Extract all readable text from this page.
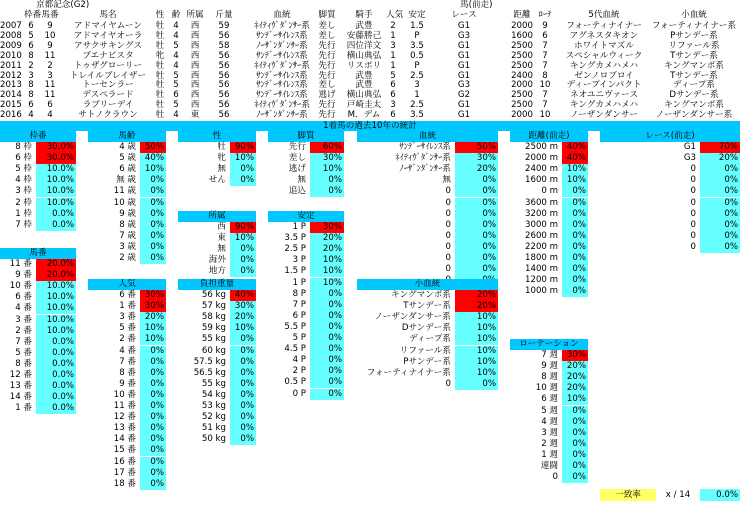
京都記念(G2)	馬(前走)
枠番 馬番	馬名	性 齢 所属 斤量	血統	脚質	騎手	人気 安定	レース	距離 ﾛｰﾃ	5代血統	小血統
2007 6	9	アドマイヤムーン	牡	4	西	59	ﾈｲﾃｨｳﾞﾀﾞﾝｻｰ系 差し	武豊	2	1.5	G1	2000	9	フォーティナイナー	フォーティナイナー系
2008 5	10	アドマイヤオーラ	牡	4	西	56	ｻﾝﾃﾞｰｻｲﾚﾝｽ系	差し	安藤勝己	1	P	G3	1600	6	アグネスタキオン	Pサンデー系
2009 6	9	アサクサキングス	牡	5	西	58	ﾉｰｻﾞﾝﾀﾞﾝｻｰ系	先行	四位洋文	3	3.5	G1	2500	7	ホワイトマズル	リファール系
2010 8	11	ブエナビスタ	牝	4	西	56	ｻﾝﾃﾞｰｻｲﾚﾝｽ系	先行	横山典弘	1	0.5	G1	2500	7	スペシャルウィーク	Tサンデー系
2011 2	2	トゥザグローリー	牡	4	西	56	ﾈｲﾃｨｳﾞﾀﾞﾝｻｰ系 先行	リスポリ	1	P	G1	2500	7	キングカメハメハ	キングマンボ系
2012 3	3	トレイルブレイザー	牡	5	西	56	ｻﾝﾃﾞｰｻｲﾚﾝｽ系	先行	武豊	5	2.5	G1	2400	8	ゼンノロブロイ	Tサンデー系
2013 8	11	トーセンラー	牡	5	西	56	ｻﾝﾃﾞｰｻｲﾚﾝｽ系	差し	武豊	6	3	G3	2000 10	ディープインパクト	ディープ系
2014 8	11	デスペラード	牡	6	西	56	ｻﾝﾃﾞｰｻｲﾚﾝｽ系	逃げ	横山典弘	6	1	G2	2500	7	ネオユニヴァース	Dサンデー系
2015 6	6	ラブリーデイ	牡	5	西	56	ﾈｲﾃｨｳﾞﾀﾞﾝｻｰ系 先行	戸崎圭太	3	2.5	G1	2500	7	キングカメハメハ	キングマンボ系
2016 4	4	サトノクラウン	牡	4	東	56	ﾉｰｻﾞﾝﾀﾞﾝｻｰ系	先行	M．デム	6	3.5	G1	2000 10	ノーザンダンサー	ノーザンダンサー系
1着馬の過去10年の統計
枠番
8 枠	30.0%
6 枠	30.0%
5 枠	10.0%
4 枠	10.0%
3 枠	10.0%
2 枠	10.0%
1 枠	0.0%
7 枠	0.0%
馬番
11 番	20.0%
9 番	20.0%
10 番	10.0%
6 番	10.0%
4 番	10.0%
3 番	10.0%
2 番	10.0%
7 番	0.0%
5 番	0.0%
8 番	0.0%
12 番	0.0%
13 番	0.0%
14 番	0.0%
1 番	0.0%
馬齢
4 歳	50%
5 歳	40%
6 歳	10%
無 歳	0%
11 歳	0%
10 歳	0%
9 歳	0%
8 歳	0%
7 歳	0%
3 歳	0%
2 歳	0%
人気
6 番	30%
1 番	30%
3 番	20%
5 番	10%
2 番	10%
4 番	0%
7 番	0%
8 番	0%
9 番	0%
10 番	0%
11 番	0%
12 番	0%
13 番	0%
14 番	0%
15 番	0%
16 番	0%
17 番	0%
18 番	0%
性
牡	90%
牝	10%
無	0%
せん	0%
所属
西	90%
東	10%
無	0%
海外	0%
地方	0%
負担重量
56 kg	40%
57 kg	30%
58 kg	20%
59 kg	10%
55 kg	0%
60 kg	0%
57.5 kg	0%
56.5 kg	0%
55 kg	0%
54 kg	0%
53 kg	0%
52 kg	0%
51 kg	0%
50 kg	0%
脚質
先行	60%
差し	30%
逃げ	10%
無	0%
追込	0%
安定
1 P	30%
3.5 P	20%
2.5 P	20%
3 P	10%
1.5 P	10%
1 P	10%
8 P	0%
7 P	0%
6 P	0%
5.5 P	0%
5 P	0%
4.5 P	0%
4 P	0%
2 P	0%
0.5 P	0%
0 P	0%
血統
ｻﾝﾃﾞｰｻｲﾚﾝｽ系	50%
ﾈｲﾃｨｳﾞﾀﾞﾝｻｰ系	30%
ﾉｰｻﾞﾝﾀﾞﾝｻｰ系	20%
無	0%
0	0%
0	0%
0	0%
0	0%
0	0%
0	0%
0	0%
0	0%
小血統
キングマンボ系	20%
Tサンデー系	20%
ノーザンダンサー系	10%
Dサンデー系	10%
ディープ系	10%
リファール系	10%
Pサンデー系	10%
フォーティナイナー系	10%
0	0%
距離(前走)
2500 m	40%
2000 m	40%
2400 m	10%
1600 m	10%
0 m	0%
3600 m	0%
3200 m	0%
3000 m	0%
2600 m	0%
2200 m	0%
1800 m	0%
1400 m	0%
1200 m	0%
1000 m	0%
ローテーション
7 週	30%
9 週	20%
8 週	20%
10 週	20%
6 週	10%
5 週	0%
4 週	0%
3 週	0%
2 週	0%
1 週	0%
連闘	0%
0	0%
レース(前走)
G1	70%
G3	20%
0	0%
0	0%
0	0%
0	0%
0	0%
0	0%
0	0%
0	0%
一致率	x / 14	0.0%
